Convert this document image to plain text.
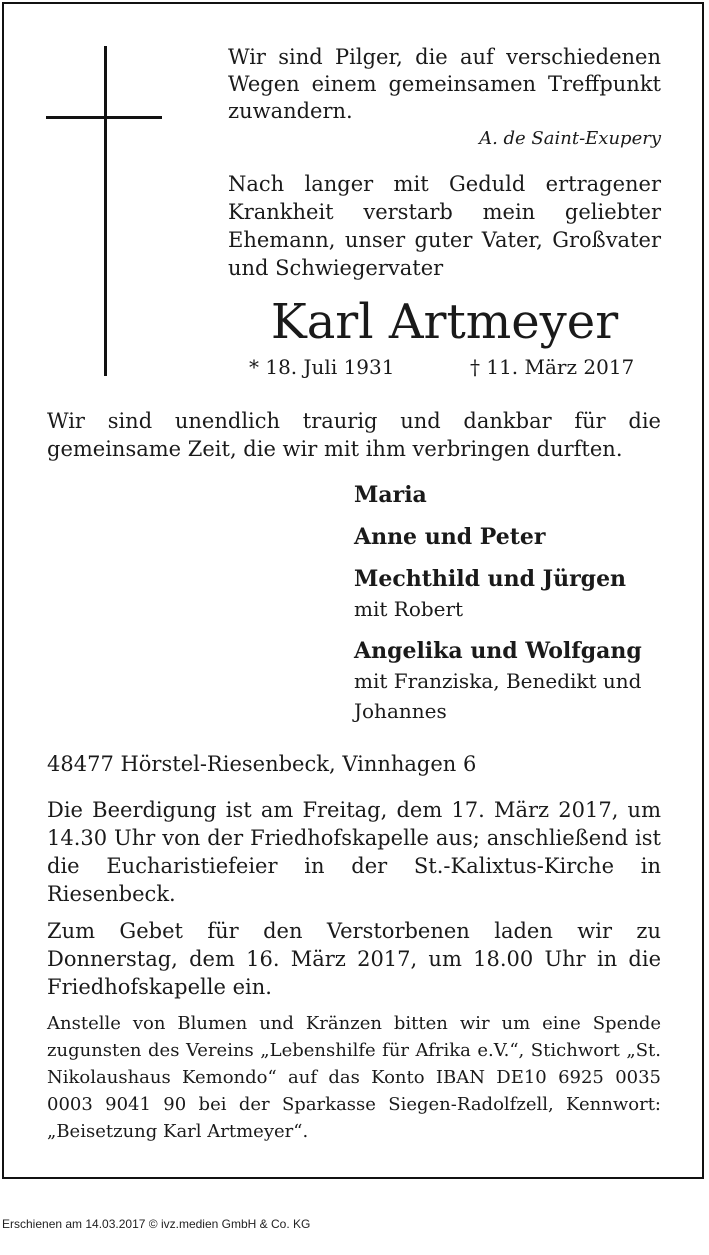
Wir sind Pilger, die auf verschiedenen Wegen einem gemeinsamen Treffpunkt zuwandern.
A. de Saint-Exupery
Nach langer mit Geduld ertragener Krankheit verstarb mein geliebter Ehemann, unser guter Vater, Großvater und Schwiegervater
Karl Artmeyer
* 18. Juli 1931	† 11. März 2017
Wir sind unendlich traurig und dankbar für die gemeinsame Zeit, die wir mit ihm verbringen durften.
Maria
Anne und Peter
Mechthild und Jürgen
mit Robert
Angelika und Wolfgang
mit Franziska, Benedikt und Johannes
48477 Hörstel-Riesenbeck, Vinnhagen 6
Die Beerdigung ist am Freitag, dem 17. März 2017, um 14.30 Uhr von der Friedhofskapelle aus; anschließend ist die Eucharistiefeier in der St.-Kalixtus-Kirche in Riesenbeck.
Zum Gebet für den Verstorbenen laden wir zu Donnerstag, dem 16. März 2017, um 18.00 Uhr in die Friedhofskapelle ein.
Anstelle von Blumen und Kränzen bitten wir um eine Spende zugunsten des Vereins „Lebenshilfe für Afrika e.V.“, Stichwort „St. Nikolaushaus Kemondo“ auf das Konto IBAN DE10 6925 0035 0003 9041 90 bei der Sparkasse Siegen-Radolfzell, Kennwort: „Beisetzung Karl Artmeyer“.
Erschienen am 14.03.2017 © ivz.medien GmbH & Co. KG
